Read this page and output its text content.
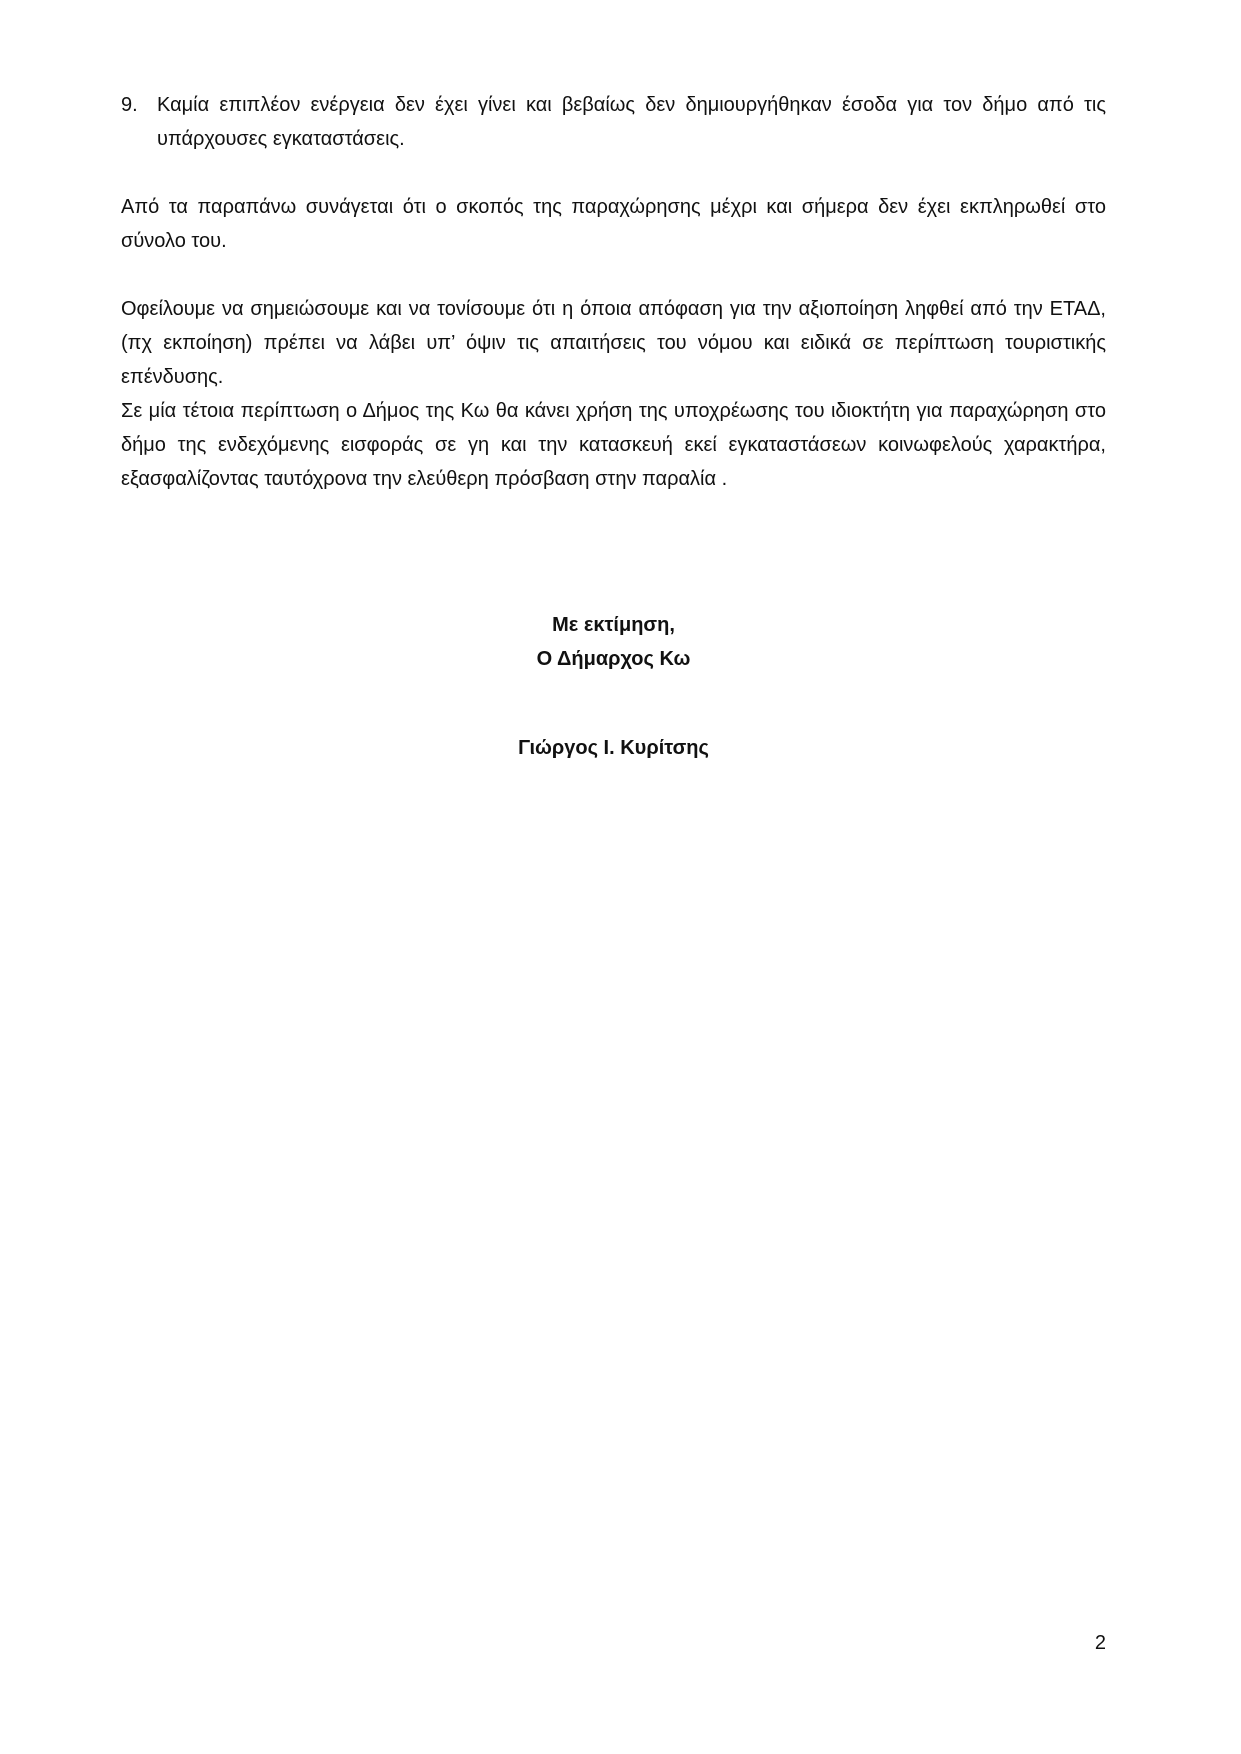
9. Καμία επιπλέον ενέργεια δεν έχει γίνει και βεβαίως δεν δημιουργήθηκαν έσοδα για τον δήμο από τις υπάρχουσες εγκαταστάσεις.

Από τα παραπάνω συνάγεται ότι ο σκοπός της παραχώρησης μέχρι και σήμερα δεν έχει εκπληρωθεί στο σύνολο του.

Οφείλουμε να σημειώσουμε και να τονίσουμε ότι η όποια απόφαση για την αξιοποίηση ληφθεί από την ΕΤΑΔ, (πχ εκποίηση) πρέπει να λάβει υπ’ όψιν τις απαιτήσεις του νόμου και ειδικά σε περίπτωση τουριστικής επένδυσης.

Σε μία τέτοια περίπτωση ο Δήμος της Κω θα κάνει χρήση της υποχρέωσης του ιδιοκτήτη για παραχώρηση στο δήμο της ενδεχόμενης εισφοράς σε γη και την κατασκευή εκεί εγκαταστάσεων κοινωφελούς χαρακτήρα, εξασφαλίζοντας ταυτόχρονα την ελεύθερη πρόσβαση στην παραλία .

Με εκτίμηση,
Ο Δήμαρχος Κω
Γιώργος Ι. Κυρίτσης
2
